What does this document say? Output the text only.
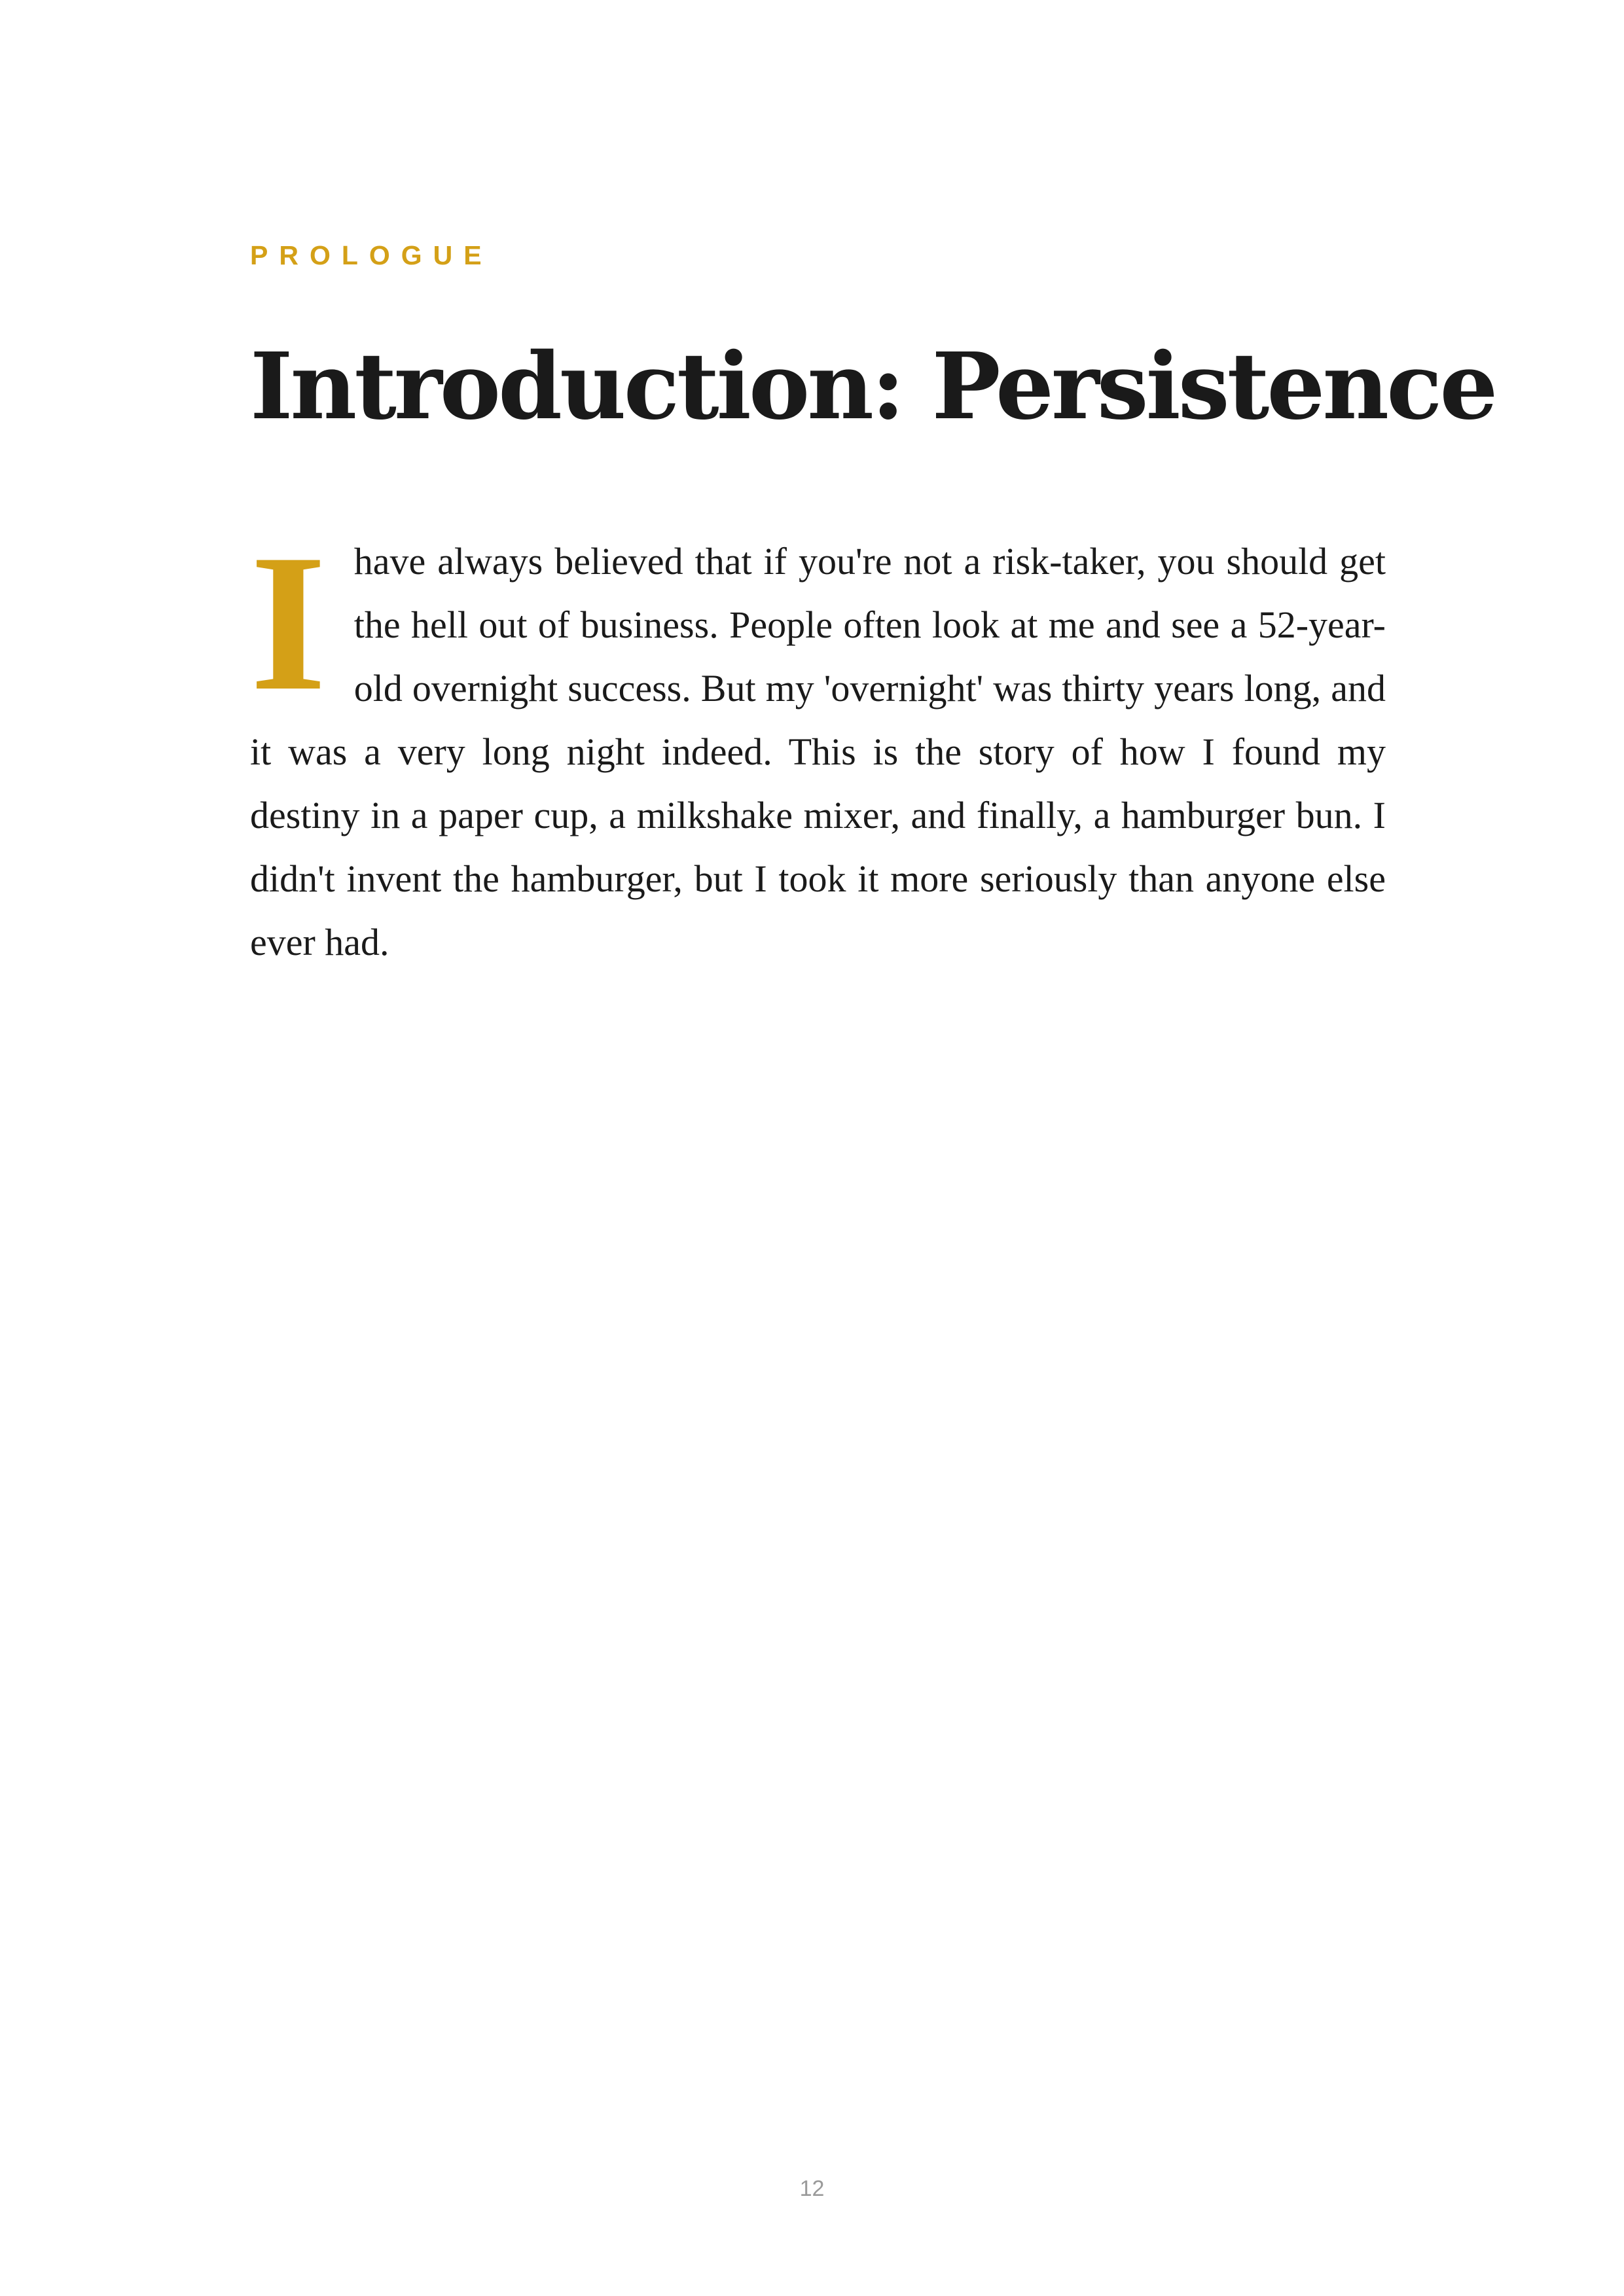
PROLOGUE
Introduction: Persistence

I have always believed that if you're not a risk-taker, you should get the hell out of business. People often look at me and see a 52-year-old overnight success. But my 'overnight' was thirty years long, and it was a very long night indeed. This is the story of how I found my destiny in a paper cup, a milkshake mixer, and finally, a hamburger bun. I didn't invent the hamburger, but I took it more seriously than anyone else ever had.

12
